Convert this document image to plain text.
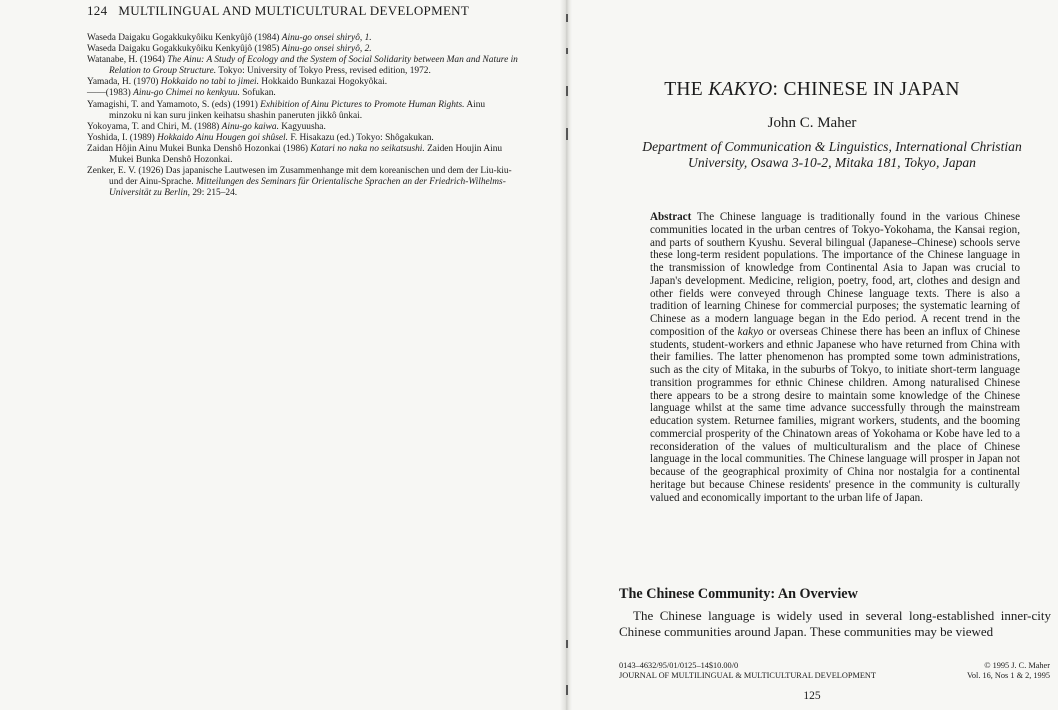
124 MULTILINGUAL AND MULTICULTURAL DEVELOPMENT

Waseda Daigaku Gogakkukyôiku Kenkyûjô (1984) Ainu-go onsei shiryô, 1.

Waseda Daigaku Gogakkukyôiku Kenkyûjô (1985) Ainu-go onsei shiryô, 2.

Watanabe, H. (1964) The Ainu: A Study of Ecology and the System of Social Solidarity between Man and Nature in Relation to Group Structure. Tokyo: University of Tokyo Press, revised edition, 1972.

Yamada, H. (1970) Hokkaido no tabi to jimei. Hokkaido Bunkazai Hogokyôkai.

——(1983) Ainu-go Chimei no kenkyuu. Sofukan.

Yamagishi, T. and Yamamoto, S. (eds) (1991) Exhibition of Ainu Pictures to Promote Human Rights. Ainu minzoku ni kan suru jinken keihatsu shashin paneruten jikkô ûnkai.

Yokoyama, T. and Chiri, M. (1988) Ainu-go kaiwa. Kagyuusha.

Yoshida, I. (1989) Hokkaido Ainu Hougen goi shûsel. F. Hisakazu (ed.) Tokyo: Shôgakukan.

Zaidan Hôjin Ainu Mukei Bunka Denshô Hozonkai (1986) Katari no naka no seikatsushi. Zaiden Houjin Ainu Mukei Bunka Denshô Hozonkai.

Zenker, E. V. (1926) Das japanische Lautwesen im Zusammenhange mit dem koreanischen und dem der Liu-kiu- und der Ainu-Sprache. Mitteilungen des Seminars für Orientalische Sprachen an der Friedrich-Wilhelms-Universität zu Berlin, 29: 215–24.

THE KAKYO: CHINESE IN JAPAN
John C. Maher
Department of Communication & Linguistics, International Christian University, Osawa 3-10-2, Mitaka 181, Tokyo, Japan
Abstract The Chinese language is traditionally found in the various Chinese communities located in the urban centres of Tokyo-Yokohama, the Kansai region, and parts of southern Kyushu. Several bilingual (Japanese–Chinese) schools serve these long-term resident populations. The importance of the Chinese language in the transmission of knowledge from Continental Asia to Japan was crucial to Japan's development. Medicine, religion, poetry, food, art, clothes and design and other fields were conveyed through Chinese language texts. There is also a tradition of learning Chinese for commercial purposes; the systematic learning of Chinese as a modern language began in the Edo period. A recent trend in the composition of the kakyo or overseas Chinese there has been an influx of Chinese students, student-workers and ethnic Japanese who have returned from China with their families. The latter phenomenon has prompted some town administrations, such as the city of Mitaka, in the suburbs of Tokyo, to initiate short-term language transition programmes for ethnic Chinese children. Among naturalised Chinese there appears to be a strong desire to maintain some knowledge of the Chinese language whilst at the same time advance successfully through the mainstream education system. Returnee families, migrant workers, students, and the booming commercial prosperity of the Chinatown areas of Yokohama or Kobe have led to a reconsideration of the values of multiculturalism and the place of Chinese language in the local communities. The Chinese language will prosper in Japan not because of the geographical proximity of China nor nostalgia for a continental heritage but because Chinese residents' presence in the community is culturally valued and economically important to the urban life of Japan.
The Chinese Community: An Overview
The Chinese language is widely used in several long-established inner-city Chinese communities around Japan. These communities may be viewed
0143–4632/95/01/0125–14$10.00/0
JOURNAL OF MULTILINGUAL & MULTICULTURAL DEVELOPMENT
© 1995 J. C. Maher
Vol. 16, Nos 1 & 2, 1995
125
